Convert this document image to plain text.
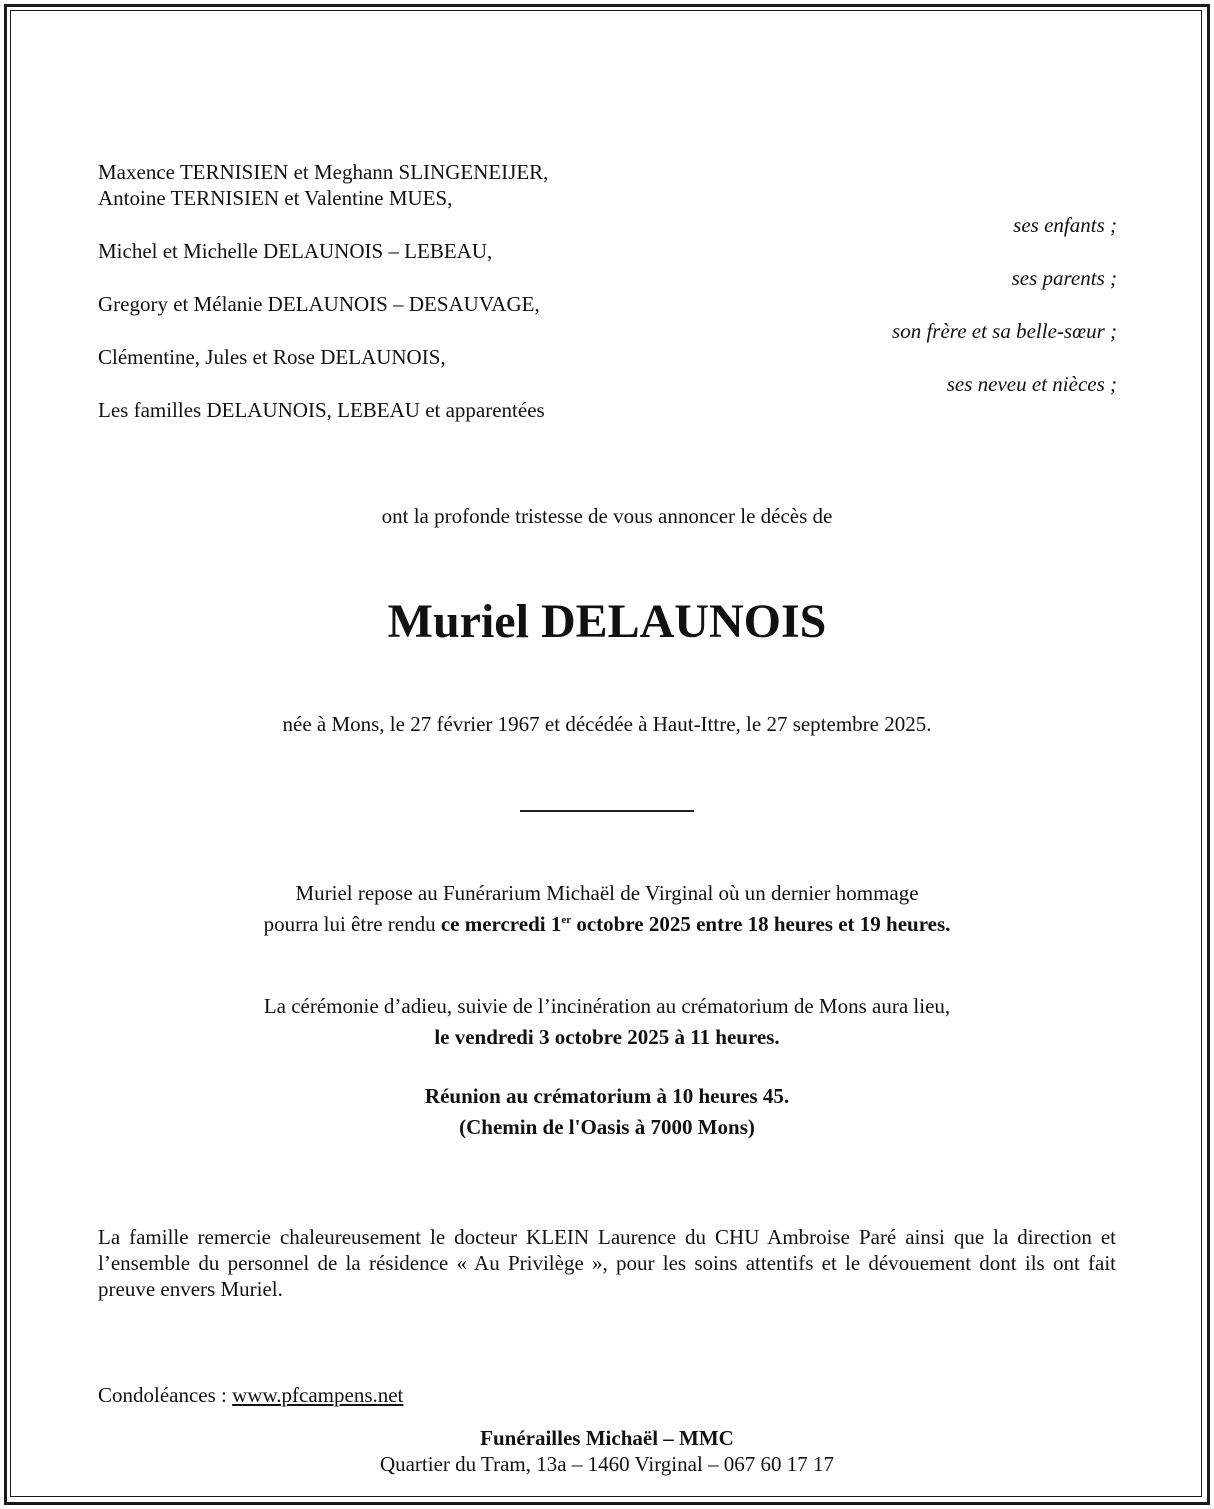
Maxence TERNISIEN et Meghann SLINGENEIJER,
Antoine TERNISIEN et Valentine MUES,
ses enfants ;
Michel et Michelle DELAUNOIS – LEBEAU,
ses parents ;
Gregory et Mélanie DELAUNOIS – DESAUVAGE,
son frère et sa belle-sœur ;
Clémentine, Jules et Rose DELAUNOIS,
ses neveu et nièces ;
Les familles DELAUNOIS, LEBEAU et apparentées
ont la profonde tristesse de vous annoncer le décès de
Muriel DELAUNOIS
née à Mons, le 27 février 1967 et décédée à Haut-Ittre, le 27 septembre 2025.
Muriel repose au Funérarium Michaël de Virginal où un dernier hommage
pourra lui être rendu ce mercredi 1er octobre 2025 entre 18 heures et 19 heures.
La cérémonie d’adieu, suivie de l’incinération au crématorium de Mons aura lieu,
le vendredi 3 octobre 2025 à 11 heures.
Réunion au crématorium à 10 heures 45.
(Chemin de l'Oasis à 7000 Mons)
La famille remercie chaleureusement le docteur KLEIN Laurence du CHU Ambroise Paré ainsi que la direction et l’ensemble du personnel de la résidence « Au Privilège », pour les soins attentifs et le dévouement dont ils ont fait preuve envers Muriel.
Condoléances : www.pfcampens.net
Funérailles Michaël – MMC
Quartier du Tram, 13a – 1460 Virginal – 067 60 17 17
